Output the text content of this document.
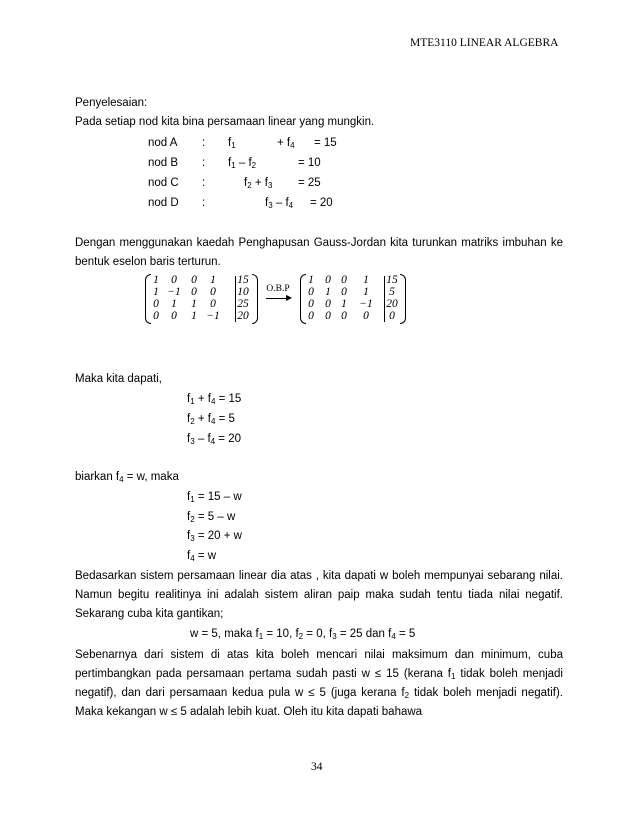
MTE3110 LINEAR ALGEBRA
Penyelesaian:
Pada setiap nod kita bina persamaan linear yang mungkin.
nod A : $f_1$	+ $f_4 = 15$
nod B : $f_1 - f_2$	= 10
nod C :	$f_2 + f_3 = 25$
nod D :	$f_3 - f_4 = 20$
Dengan menggunakan kaedah Penghapusan Gauss-Jordan kita turunkan matriks imbuhan ke bentuk eselon baris terturun.
1	0	0	1	15
1 −1 0	0	10
0	1	1	0	25
0	0	1 −1 20
O.B.P
▶
1 0 0	1	15
0 1 0	1	5
0 0 1	−1 20
0 0 0	0	0
Maka kita dapati,
$f_1 + f_4 = 15$
$f_2 + f_4 = 5$
$f_3 - f_4 = 20$
biarkan $f_4 = w$, maka
$f_1 = 15 - w$
$f_2 = 5 - w$
$f_3 = 20 + w$
$f_4 = w$
Bedasarkan sistem persamaan linear dia atas , kita dapati w boleh mempunyai sebarang nilai. Namun begitu realitinya ini adalah sistem aliran paip maka sudah tentu tiada nilai negatif. Sekarang cuba kita gantikan;
w = 5, maka $f_1 = 10$, $f_2 = 0$, $f_3 = 25$ dan $f_4 = 5$
Sebenarnya dari sistem di atas kita boleh mencari nilai maksimum dan minimum, cuba pertimbangkan pada persamaan pertama sudah pasti w ≤ 15 (kerana $f_1$ tidak boleh menjadi negatif), dan dari persamaan kedua pula w ≤ 5 (juga kerana $f_2$ tidak boleh menjadi negatif). Maka kekangan w ≤ 5 adalah lebih kuat. Oleh itu kita dapati bahawa
34
